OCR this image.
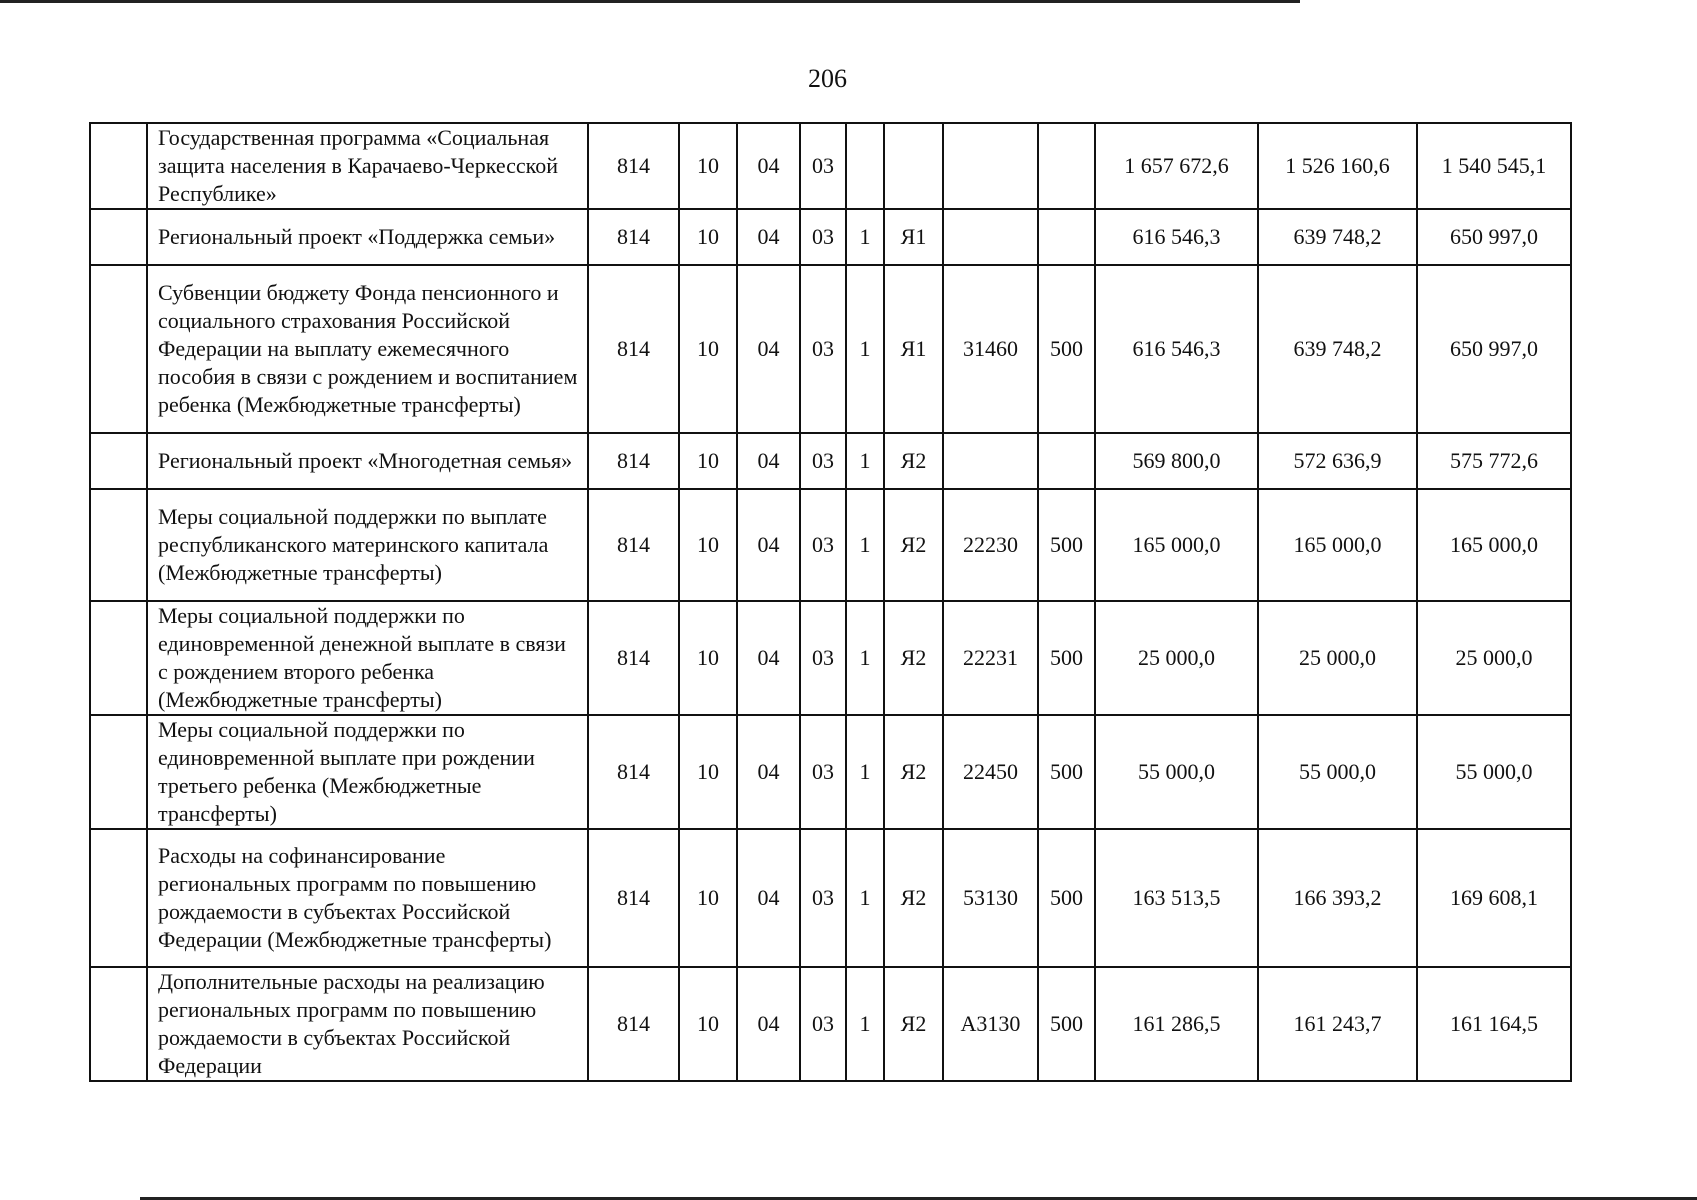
206
	Государственная программа «Социальная защита населения в Карачаево-Черкесской Республике»	814	10	04	03					1 657 672,6	1 526 160,6	1 540 545,1
	Региональный проект «Поддержка семьи»	814	10	04	03	1	Я1			616 546,3	639 748,2	650 997,0
	Субвенции бюджету Фонда пенсионного и социального страхования Российской Федерации на выплату ежемесячного пособия в связи с рождением и воспитанием ребенка (Межбюджетные трансферты)	814	10	04	03	1	Я1	31460	500	616 546,3	639 748,2	650 997,0
	Региональный проект «Многодетная семья»	814	10	04	03	1	Я2			569 800,0	572 636,9	575 772,6
	Меры социальной поддержки по выплате республиканского материнского капитала (Межбюджетные трансферты)	814	10	04	03	1	Я2	22230	500	165 000,0	165 000,0	165 000,0
	Меры социальной поддержки по единовременной денежной выплате в связи с рождением второго ребенка (Межбюджетные трансферты)	814	10	04	03	1	Я2	22231	500	25 000,0	25 000,0	25 000,0
	Меры социальной поддержки по единовременной выплате при рождении третьего ребенка (Межбюджетные трансферты)	814	10	04	03	1	Я2	22450	500	55 000,0	55 000,0	55 000,0
	Расходы на софинансирование региональных программ по повышению рождаемости в субъектах Российской Федерации (Межбюджетные трансферты)	814	10	04	03	1	Я2	53130	500	163 513,5	166 393,2	169 608,1
	Дополнительные расходы на реализацию региональных программ по повышению рождаемости в субъектах Российской Федерации	814	10	04	03	1	Я2	А3130	500	161 286,5	161 243,7	161 164,5
